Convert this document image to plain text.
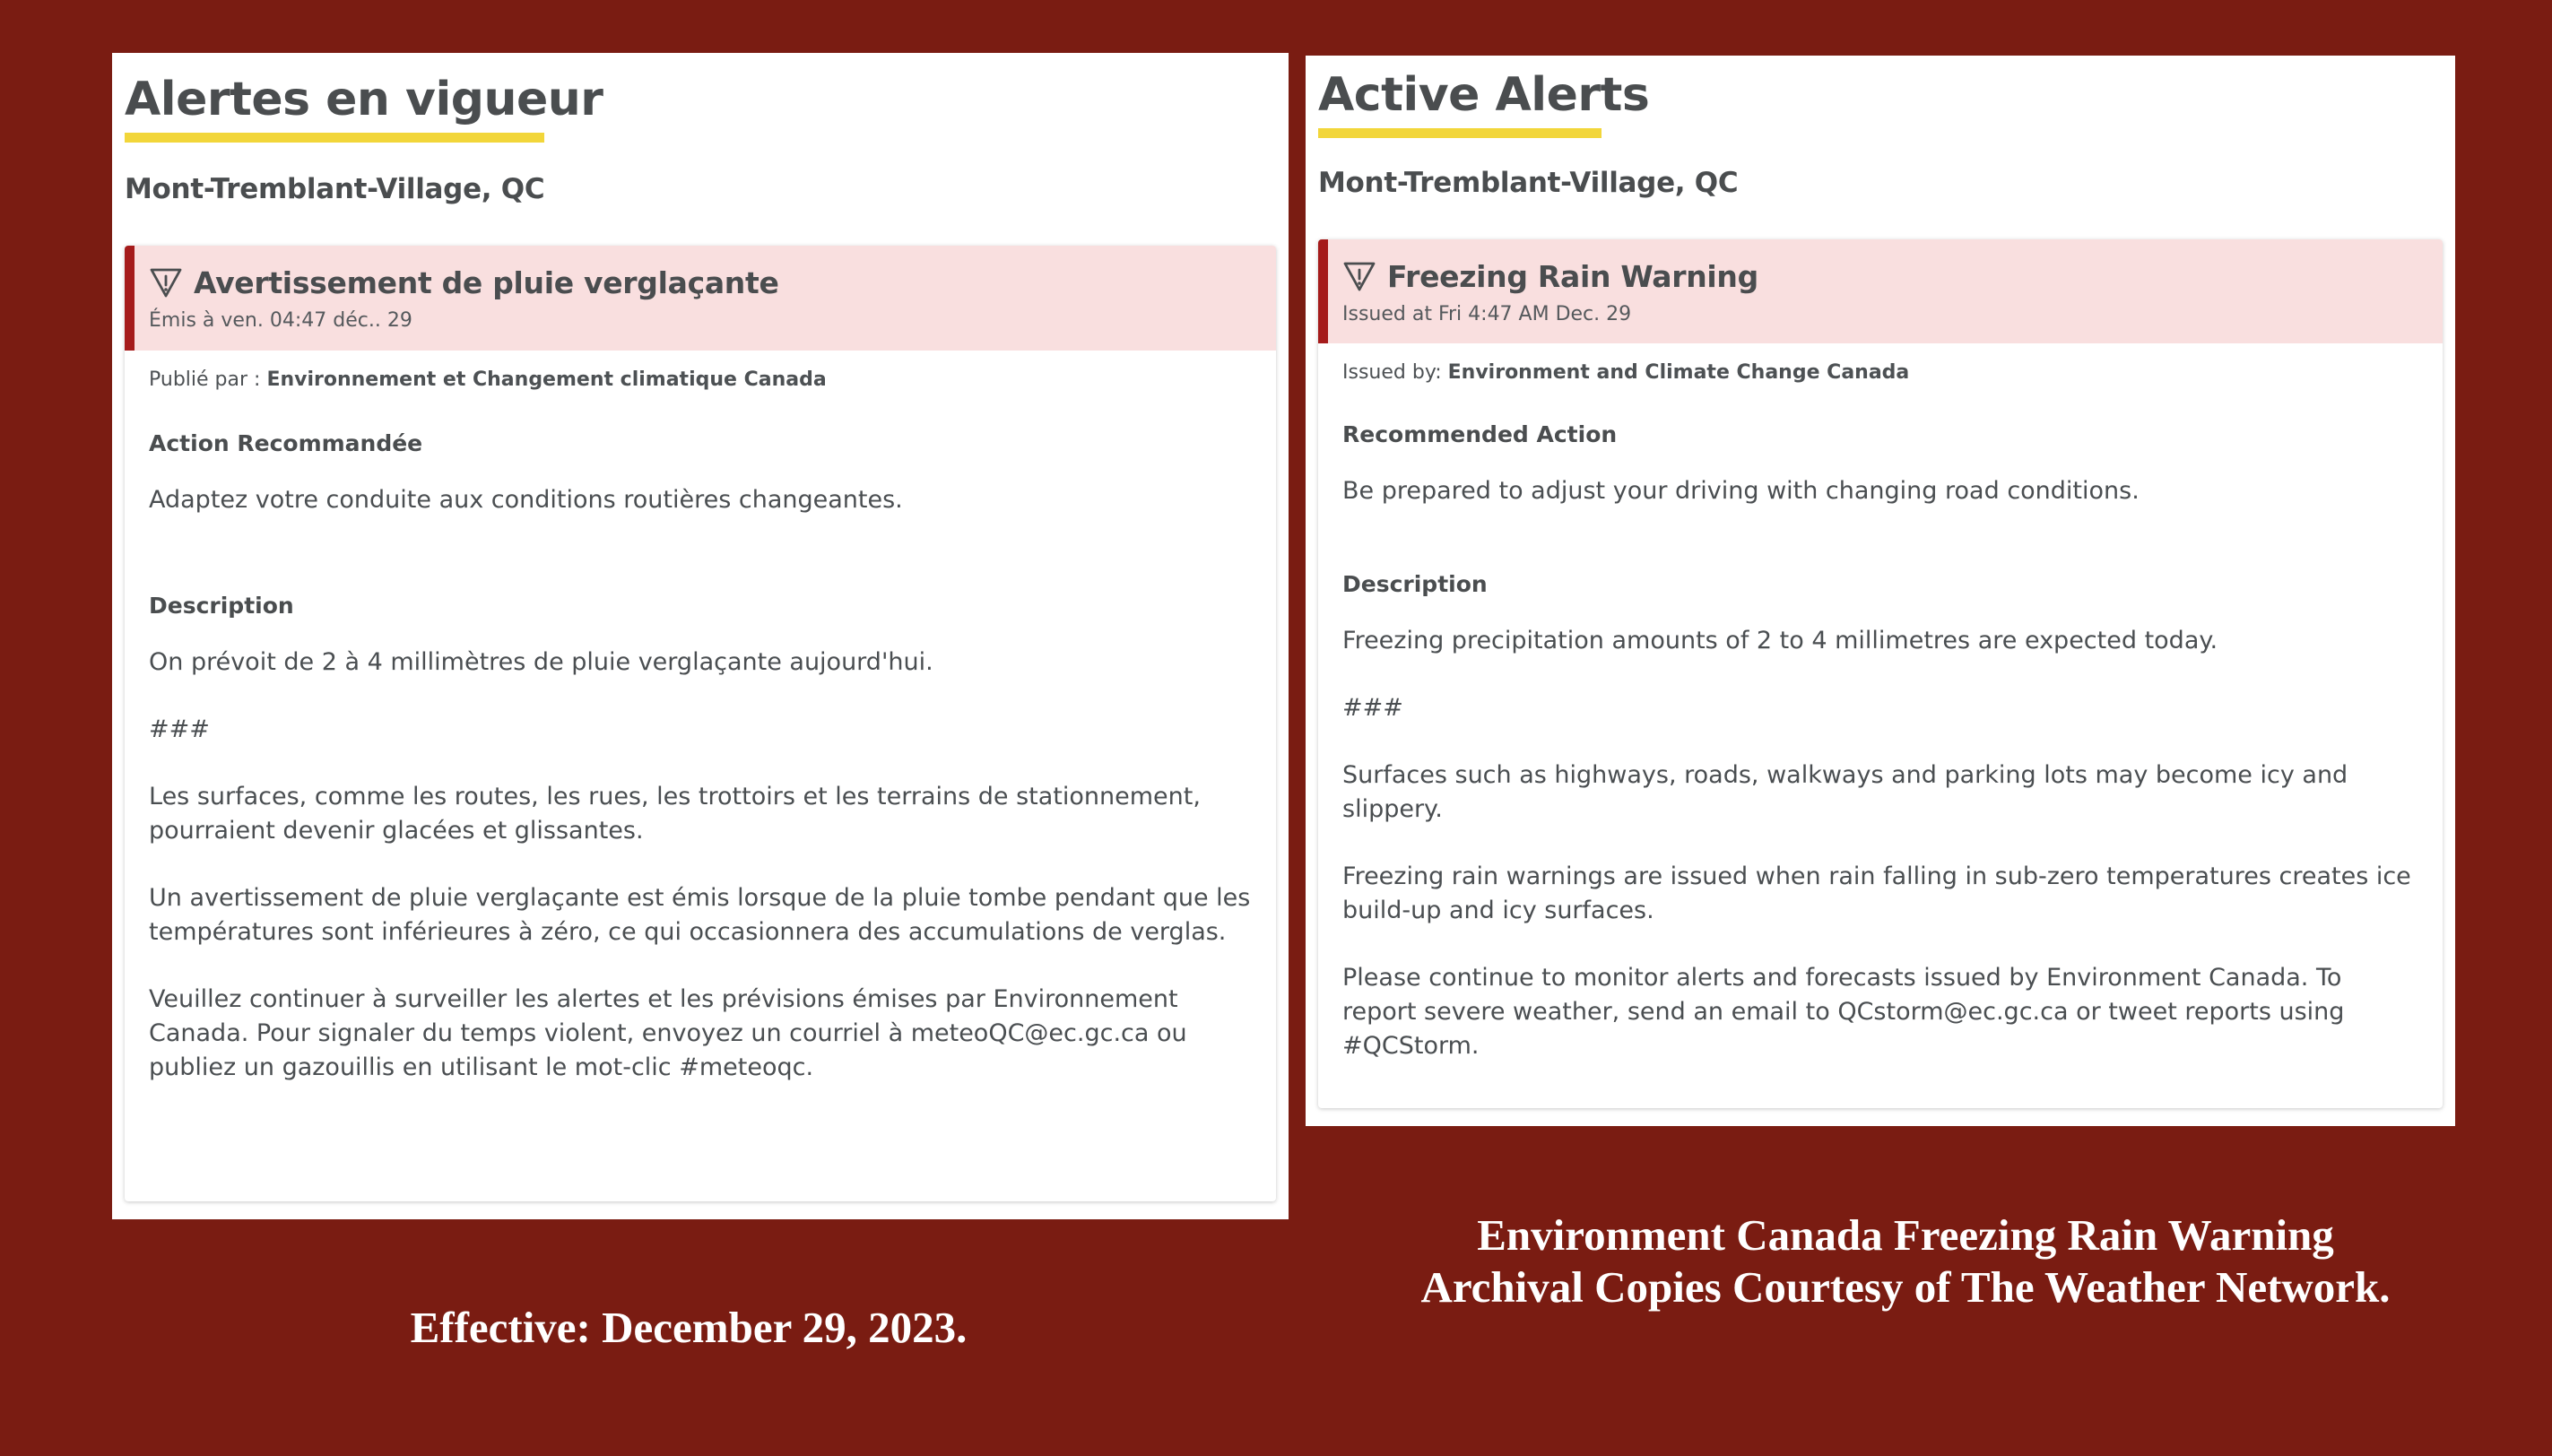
Alertes en vigueur
Mont-Tremblant-Village, QC
Avertissement de pluie verglaçante
Émis à ven. 04:47 déc.. 29
Publié par : Environnement et Changement climatique Canada
Action Recommandée

Adaptez votre conduite aux conditions routières changeantes.

Description

On prévoit de 2 à 4 millimètres de pluie verglaçante aujourd'hui.

###

Les surfaces, comme les routes, les rues, les trottoirs et les terrains de stationnement, pourraient devenir glacées et glissantes.

Un avertissement de pluie verglaçante est émis lorsque de la pluie tombe pendant que les températures sont inférieures à zéro, ce qui occasionnera des accumulations de verglas.

Veuillez continuer à surveiller les alertes et les prévisions émises par Environnement Canada. Pour signaler du temps violent, envoyez un courriel à meteoQC@ec.gc.ca ou publiez un gazouillis en utilisant le mot-clic #meteoqc.

Active Alerts
Mont-Tremblant-Village, QC
Freezing Rain Warning
Issued at Fri 4:47 AM Dec. 29
Issued by: Environment and Climate Change Canada
Recommended Action

Be prepared to adjust your driving with changing road conditions.

Description

Freezing precipitation amounts of 2 to 4 millimetres are expected today.

###

Surfaces such as highways, roads, walkways and parking lots may become icy and slippery.

Freezing rain warnings are issued when rain falling in sub-zero temperatures creates ice build-up and icy surfaces.

Please continue to monitor alerts and forecasts issued by Environment Canada. To report severe weather, send an email to QCstorm@ec.gc.ca or tweet reports using #QCStorm.

Effective: December 29, 2023.
Environment Canada Freezing Rain Warning
Archival Copies Courtesy of The Weather Network.
